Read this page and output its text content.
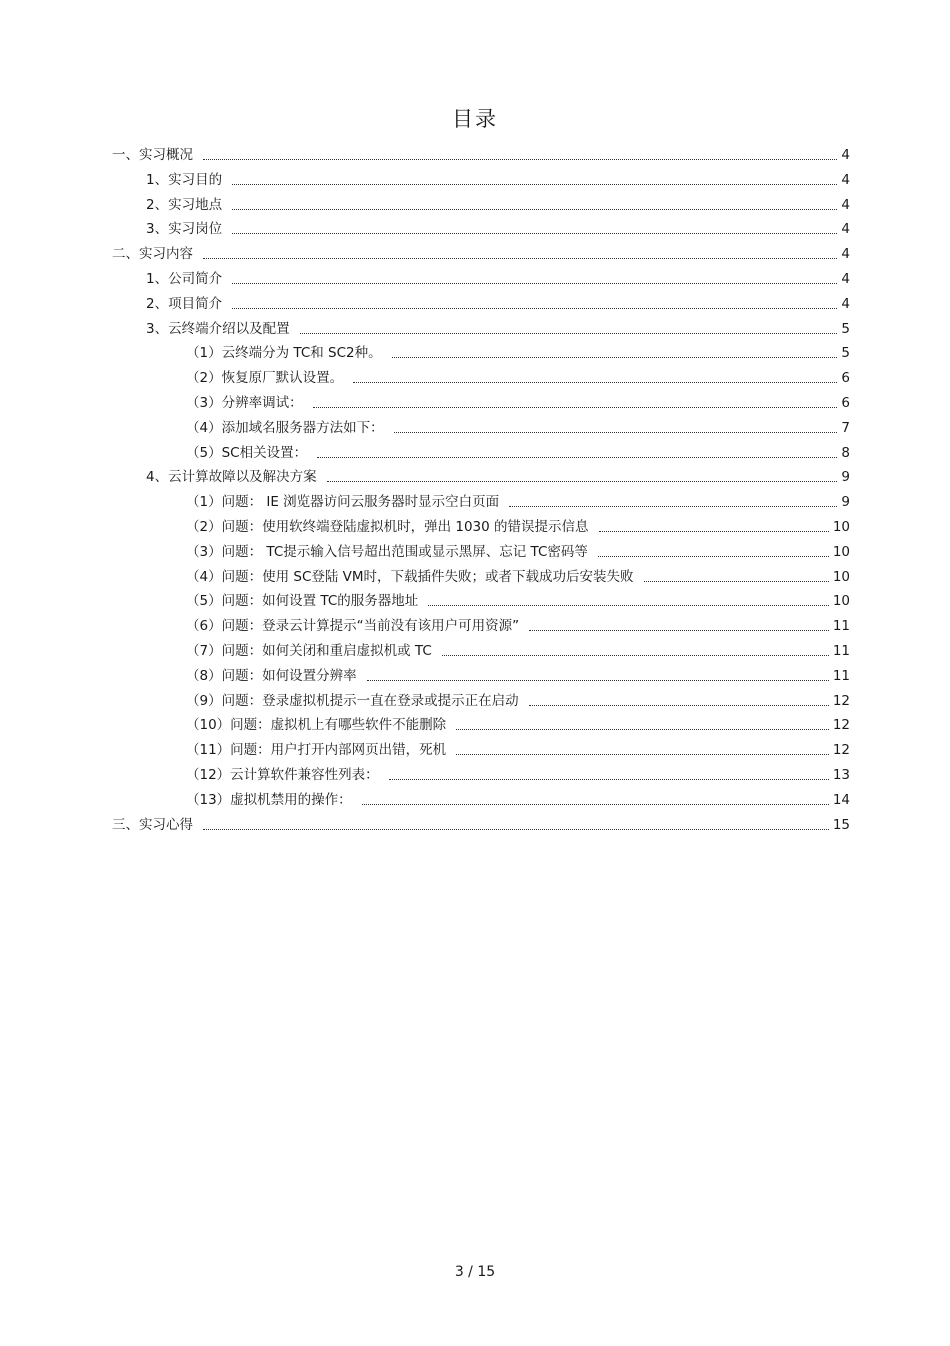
目录
一、实习概况	4
1、实习目的	4
2、实习地点	4
3、实习岗位	4
二、实习内容	4
1、公司简介	4
2、项目简介	4
3、云终端介绍以及配置	5
（1）云终端分为 TC和 SC2种。	5
（2）恢复原厂默认设置。	6
（3）分辨率调试：	6
（4）添加域名服务器方法如下：	7
（5）SC相关设置：	8
4、云计算故障以及解决方案	9
（1）问题： IE 浏览器访问云服务器时显示空白页面	9
（2）问题：使用软终端登陆虚拟机时，弹出 1030 的错误提示信息	10
（3）问题： TC提示输入信号超出范围或显示黑屏、忘记 TC密码等	10
（4）问题：使用 SC登陆 VM时，下载插件失败；或者下载成功后安装失败	10
（5）问题：如何设置 TC的服务器地址	10
（6）问题：登录云计算提示“当前没有该用户可用资源”	11
（7）问题：如何关闭和重启虚拟机或 TC	11
（8）问题：如何设置分辨率	11
（9）问题：登录虚拟机提示一直在登录或提示正在启动	12
（10）问题：虚拟机上有哪些软件不能删除	12
（11）问题：用户打开内部网页出错，死机	12
（12）云计算软件兼容性列表：	13
（13）虚拟机禁用的操作：	14
三、实习心得	15
3 / 15
